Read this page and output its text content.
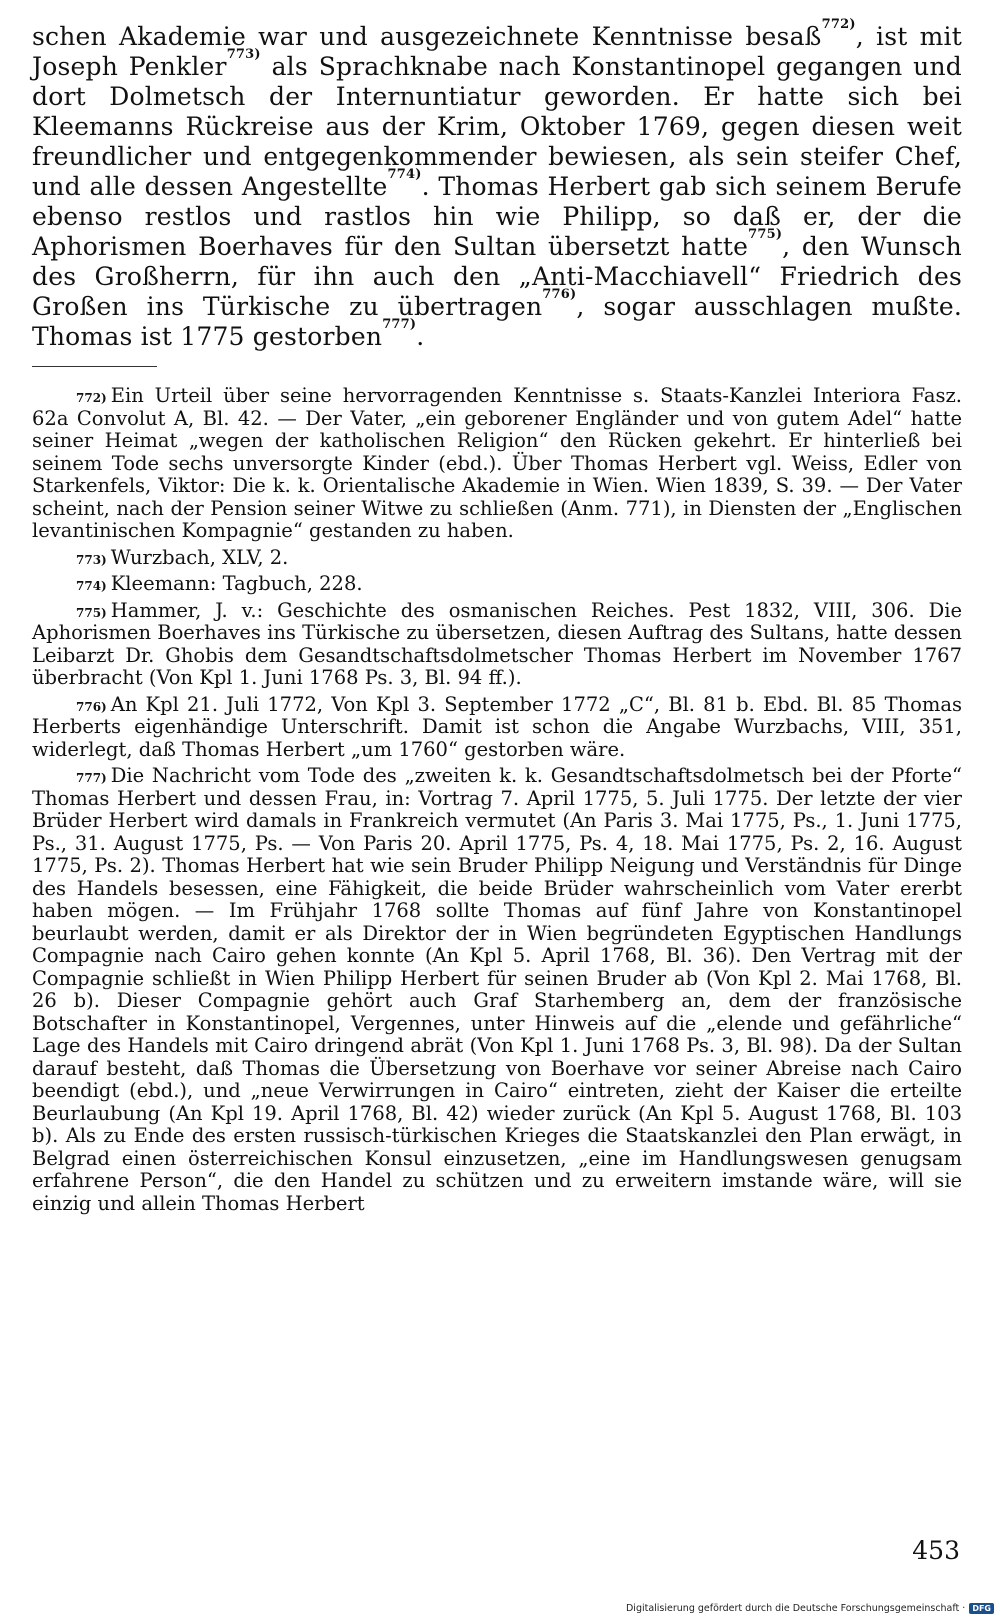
schen Akademie war und ausgezeichnete Kenntnisse besaß$^{772)}$, ist mit Joseph Penkler$^{773)}$ als Sprachknabe nach Konstantinopel gegangen und dort Dolmetsch der Internuntiatur geworden. Er hatte sich bei Kleemanns Rückreise aus der Krim, Oktober 1769, gegen diesen weit freundlicher und entgegenkommender bewiesen, als sein steifer Chef, und alle dessen Angestellte$^{774)}$. Thomas Herbert gab sich seinem Berufe ebenso restlos und rastlos hin wie Philipp, so daß er, der die Aphorismen Boerhaves für den Sultan übersetzt hatte$^{775)}$, den Wunsch des Großherrn, für ihn auch den „Anti-Macchiavell“ Friedrich des Großen ins Türkische zu übertragen$^{776)}$, sogar ausschlagen mußte. Thomas ist 1775 gestorben$^{777)}$.

$^{772)}$ Ein Urteil über seine hervorragenden Kenntnisse s. Staats-Kanzlei Interiora Fasz. 62a Convolut A, Bl. 42. — Der Vater, „ein geborener Engländer und von gutem Adel“ hatte seiner Heimat „wegen der katholischen Religion“ den Rücken gekehrt. Er hinterließ bei seinem Tode sechs unversorgte Kinder (ebd.). Über Thomas Herbert vgl. Weiss, Edler von Starkenfels, Viktor: Die k. k. Orientalische Akademie in Wien. Wien 1839, S. 39. — Der Vater scheint, nach der Pension seiner Witwe zu schließen (Anm. 771), in Diensten der „Englischen levantinischen Kompagnie“ gestanden zu haben.

$^{773)}$ Wurzbach, XLV, 2.

$^{774)}$ Kleemann: Tagbuch, 228.

$^{775)}$ Hammer, J. v.: Geschichte des osmanischen Reiches. Pest 1832, VIII, 306. Die Aphorismen Boerhaves ins Türkische zu übersetzen, diesen Auftrag des Sultans, hatte dessen Leibarzt Dr. Ghobis dem Gesandtschaftsdolmetscher Thomas Herbert im November 1767 überbracht (Von Kpl 1. Juni 1768 Ps. 3, Bl. 94 ff.).

$^{776)}$ An Kpl 21. Juli 1772, Von Kpl 3. September 1772 „C“, Bl. 81 b. Ebd. Bl. 85 Thomas Herberts eigenhändige Unterschrift. Damit ist schon die Angabe Wurzbachs, VIII, 351, widerlegt, daß Thomas Herbert „um 1760“ gestorben wäre.

$^{777)}$ Die Nachricht vom Tode des „zweiten k. k. Gesandtschaftsdolmetsch bei der Pforte“ Thomas Herbert und dessen Frau, in: Vortrag 7. April 1775, 5. Juli 1775. Der letzte der vier Brüder Herbert wird damals in Frankreich vermutet (An Paris 3. Mai 1775, Ps., 1. Juni 1775, Ps., 31. August 1775, Ps. — Von Paris 20. April 1775, Ps. 4, 18. Mai 1775, Ps. 2, 16. August 1775, Ps. 2). Thomas Herbert hat wie sein Bruder Philipp Neigung und Verständnis für Dinge des Handels besessen, eine Fähigkeit, die beide Brüder wahrscheinlich vom Vater ererbt haben mögen. — Im Frühjahr 1768 sollte Thomas auf fünf Jahre von Konstantinopel beurlaubt werden, damit er als Direktor der in Wien begründeten Egyptischen Handlungs Compagnie nach Cairo gehen konnte (An Kpl 5. April 1768, Bl. 36). Den Vertrag mit der Compagnie schließt in Wien Philipp Herbert für seinen Bruder ab (Von Kpl 2. Mai 1768, Bl. 26 b). Dieser Compagnie gehört auch Graf Starhemberg an, dem der französische Botschafter in Konstantinopel, Vergennes, unter Hinweis auf die „elende und gefährliche“ Lage des Handels mit Cairo dringend abrät (Von Kpl 1. Juni 1768 Ps. 3, Bl. 98). Da der Sultan darauf besteht, daß Thomas die Übersetzung von Boerhave vor seiner Abreise nach Cairo beendigt (ebd.), und „neue Verwirrungen in Cairo“ eintreten, zieht der Kaiser die erteilte Beurlaubung (An Kpl 19. April 1768, Bl. 42) wieder zurück (An Kpl 5. August 1768, Bl. 103 b). Als zu Ende des ersten russisch-türkischen Krieges die Staatskanzlei den Plan erwägt, in Belgrad einen österreichischen Konsul einzusetzen, „eine im Handlungswesen genugsam erfahrene Person“, die den Handel zu schützen und zu erweitern imstande wäre, will sie einzig und allein Thomas Herbert

453
Digitalisierung gefördert durch die Deutsche Forschungsgemeinschaft · DFG
